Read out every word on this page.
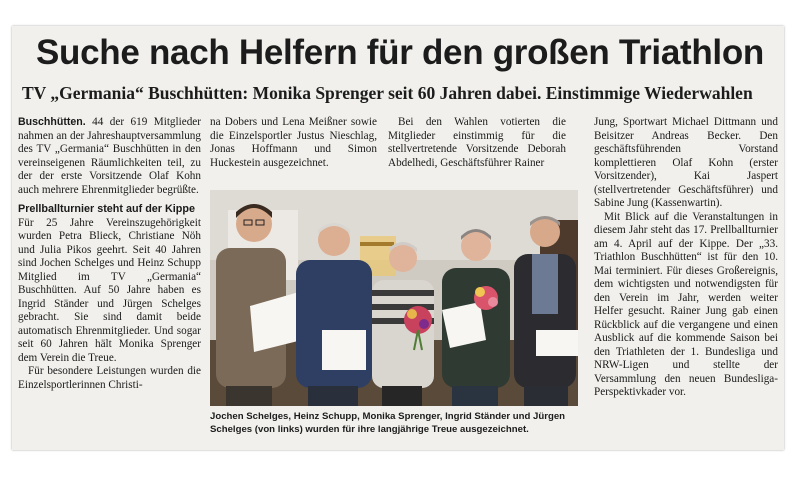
Suche nach Helfern für den großen Triathlon
TV „Germania“ Buschhütten: Monika Sprenger seit 60 Jahren dabei. Einstimmige Wiederwahlen

Buschhütten. 44 der 619 Mitglieder nahmen an der Jahreshauptversammlung des TV „Germania“ Buschhütten in den vereinseigenen Räumlichkeiten teil, zu der der erste Vorsitzende Olaf Kohn auch mehrere Ehrenmitglieder begrüßte.

Prellballturnier steht auf der Kippe

Für 25 Jahre Vereinszugehörigkeit wurden Petra Blieck, Christiane Nöh und Julia Pikos geehrt. Seit 40 Jahren sind Jochen Schelges und Heinz Schupp Mitglied im TV „Germania“ Buschhütten. Auf 50 Jahre haben es Ingrid Ständer und Jürgen Schelges gebracht. Sie sind damit beide automatisch Ehrenmitglieder. Und sogar seit 60 Jahren hält Monika Sprenger dem Verein die Treue.

Für besondere Leistungen wurden die Einzelsportlerinnen Christi-

na Dobers und Lena Meißner sowie die Einzelsportler Justus Nieschlag, Jonas Hoffmann und Simon Huckestein ausgezeichnet.

Bei den Wahlen votierten die Mitglieder einstimmig für die stellvertretende Vorsitzende Deborah Abdelhedi, Geschäftsführer Rainer

Jung, Sportwart Michael Dittmann und Beisitzer Andreas Becker. Den geschäftsführenden Vorstand komplettieren Olaf Kohn (erster Vorsitzender), Kai Jaspert (stellvertretender Geschäftsführer) und Sabine Jung (Kassenwartin).

Mit Blick auf die Veranstaltungen in diesem Jahr steht das 17. Prellballturnier am 4. April auf der Kippe. Der „33. Triathlon Buschhütten“ ist für den 10. Mai terminiert. Für dieses Großereignis, dem wichtigsten und notwendigsten für den Verein im Jahr, werden weiter Helfer gesucht. Rainer Jung gab einen Rückblick auf die vergangene und einen Ausblick auf die kommende Saison bei den Triathleten der 1. Bundesliga und NRW-Ligen und stellte der Versammlung den neuen Bundesliga- Perspektivkader vor.

Jochen Schelges, Heinz Schupp, Monika Sprenger, Ingrid Ständer und Jürgen Schelges (von links) wurden für ihre langjährige Treue ausgezeichnet.
